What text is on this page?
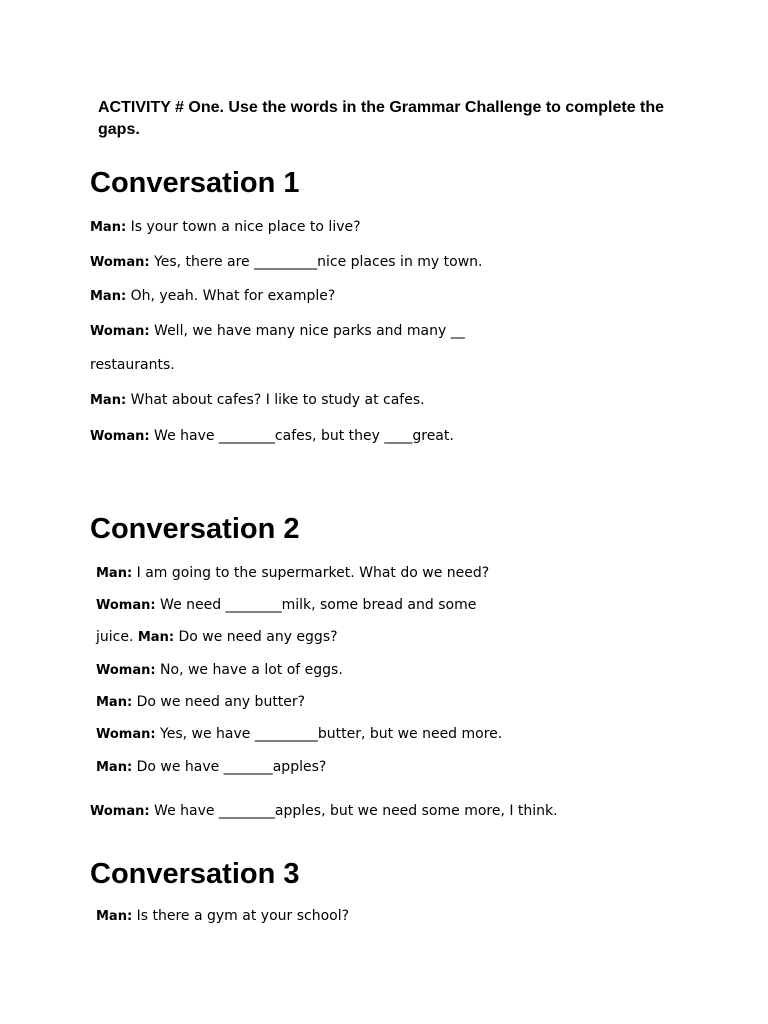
ACTIVITY # One. Use the words in the Grammar Challenge to complete the gaps.
Conversation 1
Man: Is your town a nice place to live?
Woman: Yes, there are _________nice places in my town.
Man: Oh, yeah. What for example?
Woman: Well, we have many nice parks and many __
restaurants.
Man: What about cafes? I like to study at cafes.
Woman: We have ________cafes, but they ____great.
Conversation 2
Man: I am going to the supermarket. What do we need?
Woman: We need ________milk, some bread and some
juice. Man: Do we need any eggs?
Woman: No, we have a lot of eggs.
Man: Do we need any butter?
Woman: Yes, we have _________butter, but we need more.
Man: Do we have _______apples?
Woman: We have ________apples, but we need some more, I think.
Conversation 3
Man: Is there a gym at your school?
